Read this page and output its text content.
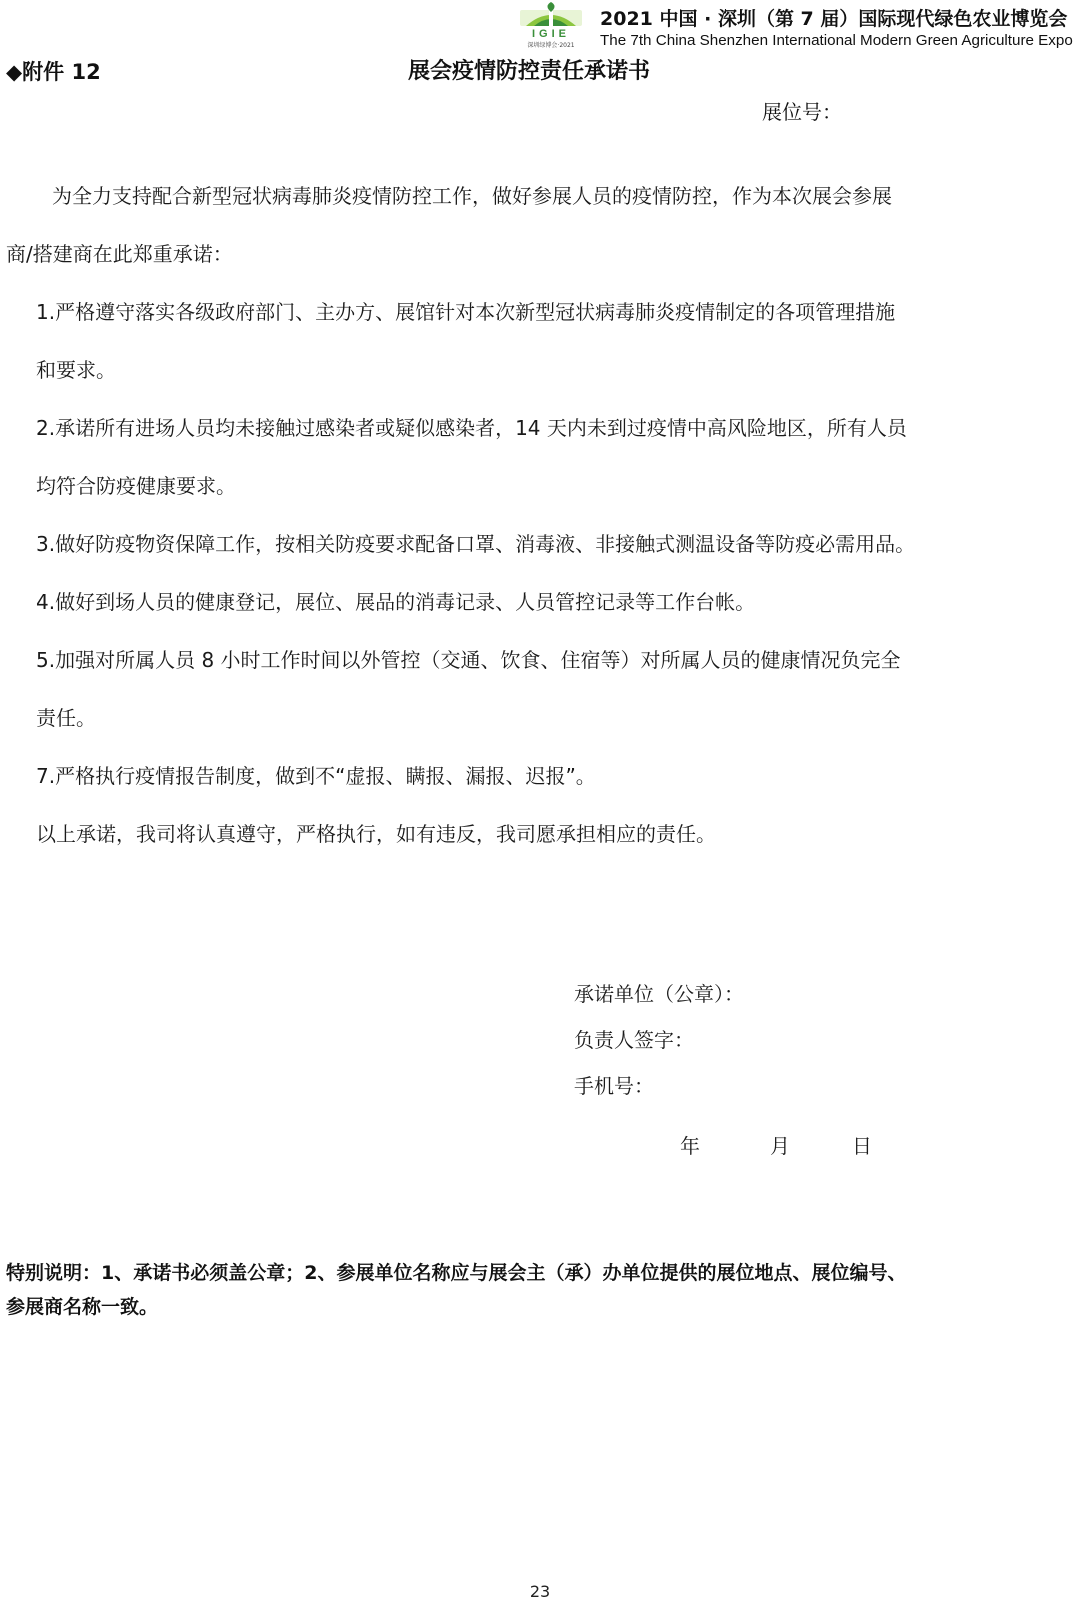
IGIE
深圳绿博会·2021
2021 中国 · 深圳（第 7 届）国际现代绿色农业博览会
The 7th China Shenzhen International Modern Green Agriculture Expo
◆附件 12	展会疫情防控责任承诺书
展位号：
为全力支持配合新型冠状病毒肺炎疫情防控工作，做好参展人员的疫情防控，作为本次展会参展
商/搭建商在此郑重承诺：
1.严格遵守落实各级政府部门、主办方、展馆针对本次新型冠状病毒肺炎疫情制定的各项管理措施
和要求。
2.承诺所有进场人员均未接触过感染者或疑似感染者，14 天内未到过疫情中高风险地区，所有人员
均符合防疫健康要求。
3.做好防疫物资保障工作，按相关防疫要求配备口罩、消毒液、非接触式测温设备等防疫必需用品。
4.做好到场人员的健康登记，展位、展品的消毒记录、人员管控记录等工作台帐。
5.加强对所属人员 8 小时工作时间以外管控（交通、饮食、住宿等）对所属人员的健康情况负完全
责任。
7.严格执行疫情报告制度，做到不“虚报、瞒报、漏报、迟报”。
以上承诺，我司将认真遵守，严格执行，如有违反，我司愿承担相应的责任。
承诺单位（公章）：
负责人签字：
手机号：
年	月	日
特别说明：1、承诺书必须盖公章；2、参展单位名称应与展会主（承）办单位提供的展位地点、展位编号、
参展商名称一致。
23
